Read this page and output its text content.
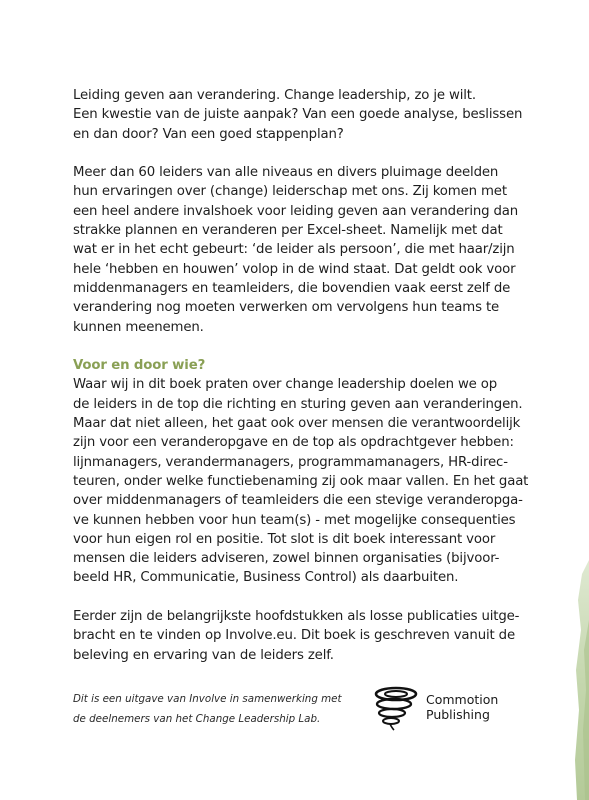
Leiding geven aan verandering. Change leadership, zo je wilt.
Een kwestie van de juiste aanpak? Van een goede analyse, beslissen
en dan door? Van een goed stappenplan?

Meer dan 60 leiders van alle niveaus en divers pluimage deelden
hun ervaringen over (change) leiderschap met ons. Zij komen met
een heel andere invalshoek voor leiding geven aan verandering dan
strakke plannen en veranderen per Excel-sheet. Namelijk met dat
wat er in het echt gebeurt: ‘de leider als persoon’, die met haar/zijn
hele ‘hebben en houwen’ volop in de wind staat. Dat geldt ook voor
middenmanagers en teamleiders, die bovendien vaak eerst zelf de
verandering nog moeten verwerken om vervolgens hun teams te
kunnen meenemen.

Voor en door wie?
Waar wij in dit boek praten over change leadership doelen we op
de leiders in de top die richting en sturing geven aan veranderingen.
Maar dat niet alleen, het gaat ook over mensen die verantwoordelijk
zijn voor een veranderopgave en de top als opdrachtgever hebben:
lijnmanagers, verandermanagers, programmamanagers, HR-direc-
teuren, onder welke functiebenaming zij ook maar vallen. En het gaat
over middenmanagers of teamleiders die een stevige veranderopga-
ve kunnen hebben voor hun team(s) - met mogelijke consequenties
voor hun eigen rol en positie. Tot slot is dit boek interessant voor
mensen die leiders adviseren, zowel binnen organisaties (bijvoor-
beeld HR, Communicatie, Business Control) als daarbuiten.

Eerder zijn de belangrijkste hoofdstukken als losse publicaties uitge-
bracht en te vinden op Involve.eu. Dit boek is geschreven vanuit de
beleving en ervaring van de leiders zelf.

Dit is een uitgave van Involve in samenwerking met
de deelnemers van het Change Leadership Lab.
Commotion
Publishing
